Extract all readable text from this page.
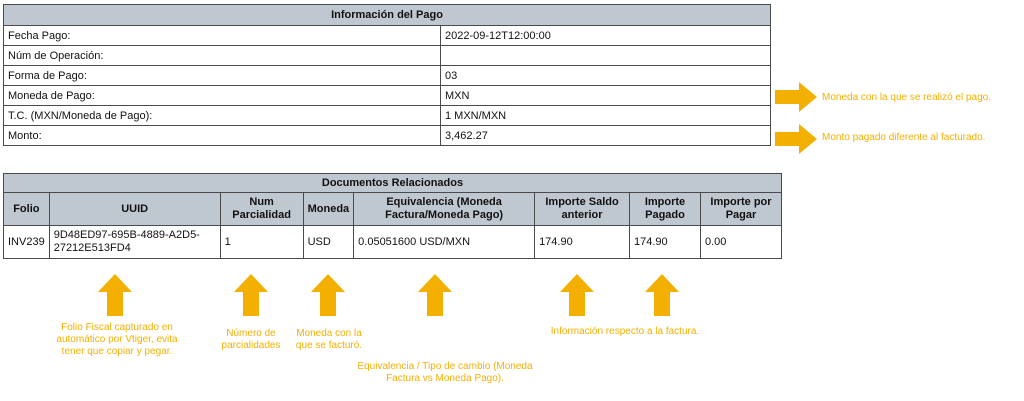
Información del Pago	
Fecha Pago:	2022-09-12T12:00:00
Núm de Operación:	
Forma de Pago:	03
Moneda de Pago:	MXN
T.C. (MXN/Moneda de Pago):	1 MXN/MXN
Monto:	3,462.27
Moneda con la que se realizó el pago.
Monto pagado diferente al facturado.
Documentos Relacionados							
Folio	UUID	Num Parcialidad	Moneda	Equivalencia (Moneda Factura/Moneda Pago)	Importe Saldo anterior	Importe Pagado	Importe por Pagar
INV239	9D48ED97-695B-4889-A2D5-27212E513FD4	1	USD	0.05051600 USD/MXN	174.90	174.90	0.00
Folio Fiscal capturado en automático por Vtiger, evita tener que copiar y pegar.
Número de parcialidades
Moneda con la que se facturó.
Equivalencia / Tipo de cambio (Moneda Factura vs Moneda Pago).
Información respecto a la factura.
